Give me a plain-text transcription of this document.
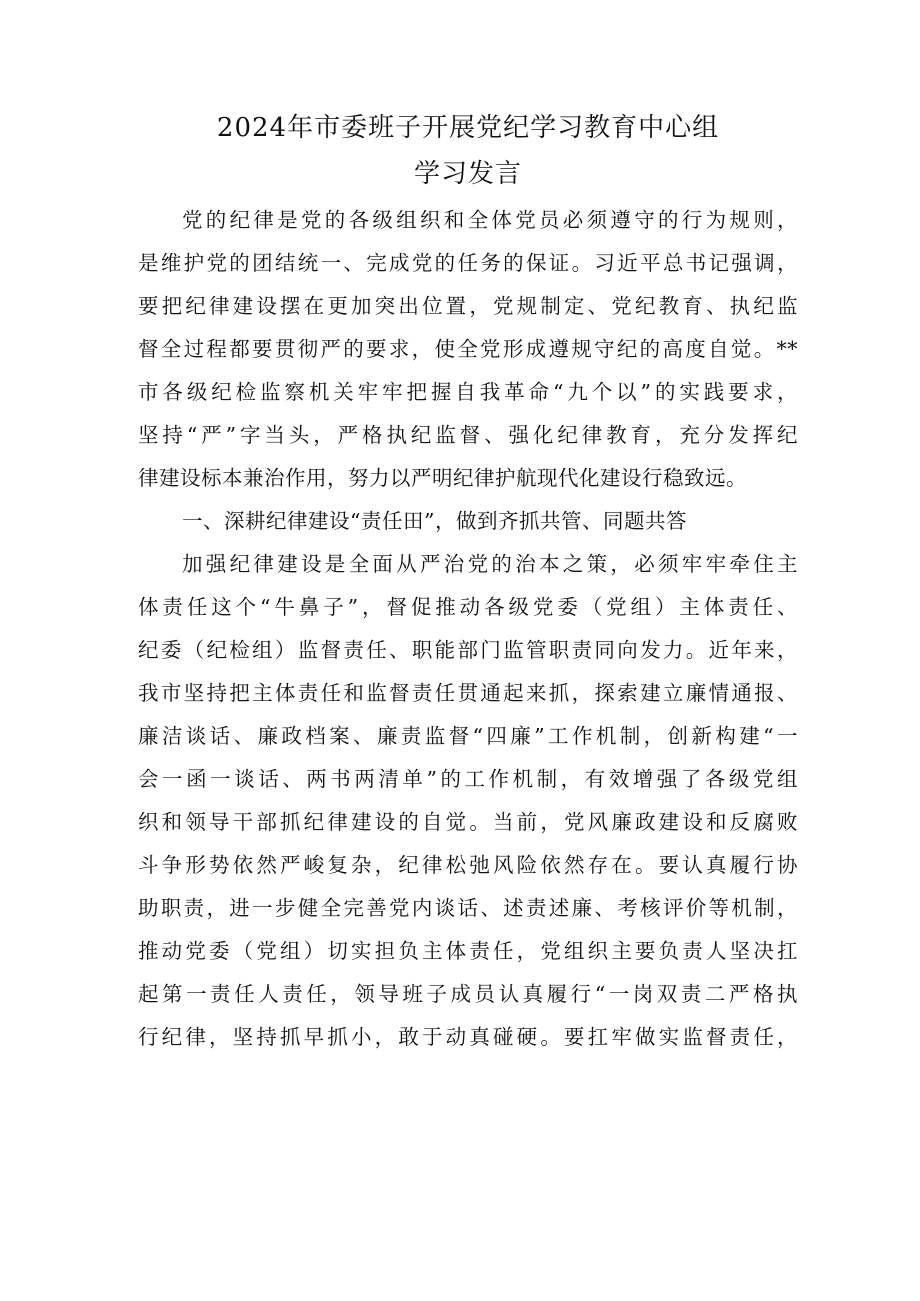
2024年市委班子开展党纪学习教育中心组
学习发言
党的纪律是党的各级组织和全体党员必须遵守的行为规则，
是维护党的团结统一、完成党的任务的保证。习近平总书记强调，
要把纪律建设摆在更加突出位置，党规制定、党纪教育、执纪监
督全过程都要贯彻严的要求，使全党形成遵规守纪的高度自觉。**
市各级纪检监察机关牢牢把握自我革命“九个以”的实践要求，
坚持“严”字当头，严格执纪监督、强化纪律教育，充分发挥纪
律建设标本兼治作用，努力以严明纪律护航现代化建设行稳致远。
一、深耕纪律建设“责任田”，做到齐抓共管、同题共答
加强纪律建设是全面从严治党的治本之策，必须牢牢牵住主
体责任这个“牛鼻子”，督促推动各级党委（党组）主体责任、
纪委（纪检组）监督责任、职能部门监管职责同向发力。近年来，
我市坚持把主体责任和监督责任贯通起来抓，探索建立廉情通报、
廉洁谈话、廉政档案、廉责监督“四廉”工作机制，创新构建“一
会一函一谈话、两书两清单”的工作机制，有效增强了各级党组
织和领导干部抓纪律建设的自觉。当前，党风廉政建设和反腐败
斗争形势依然严峻复杂，纪律松弛风险依然存在。要认真履行协
助职责，进一步健全完善党内谈话、述责述廉、考核评价等机制，
推动党委（党组）切实担负主体责任，党组织主要负责人坚决扛
起第一责任人责任，领导班子成员认真履行“一岗双责二严格执
行纪律，坚持抓早抓小，敢于动真碰硬。要扛牢做实监督责任，
